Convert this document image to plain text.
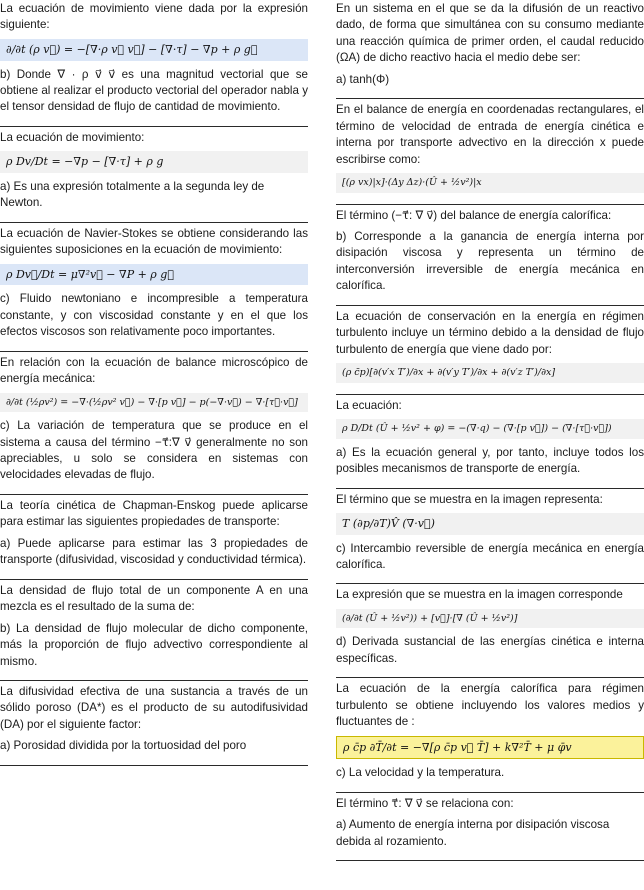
La ecuación de movimiento viene dada por la expresión siguiente:

∂/∂t (ρ v⃗) = −[∇·ρ v⃗ v⃗] − [∇·τ] − ∇p + ρ g⃗

b) Donde ∇ · ρ v⃗ v⃗ es una magnitud vectorial que se obtiene al realizar el producto vectorial del operador nabla y el tensor densidad de flujo de cantidad de movimiento.

La ecuación de movimiento:

ρ Dv/Dt = −∇p − [∇·τ] + ρ g

a) Es una expresión totalmente a la segunda ley de Newton.

La ecuación de Navier-Stokes se obtiene considerando las siguientes suposiciones en la ecuación de movimiento:

ρ Dv⃗/Dt = μ∇²v⃗ − ∇P + ρ g⃗

c) Fluido newtoniano e incompresible a temperatura constante, y con viscosidad constante y en el que los efectos viscosos son relativamente poco importantes.

En relación con la ecuación de balance microscópico de energía mecánica:

∂/∂t (½ρv²) = −∇·(½ρv² v⃗) − ∇·[p v⃗] − p(−∇·v⃗) − ∇·[τ⃗·v⃗]

c) La variación de temperatura que se produce en el sistema a causa del término −τ⃗:∇ v⃗ generalmente no son apreciables, u solo se considera en sistemas con velocidades elevadas de flujo.

La teoría cinética de Chapman-Enskog puede aplicarse para estimar las siguientes propiedades de transporte:

a) Puede aplicarse para estimar las 3 propiedades de transporte (difusividad, viscosidad y conductividad térmica).

La densidad de flujo total de un componente A en una mezcla es el resultado de la suma de:

b) La densidad de flujo molecular de dicho componente, más la proporción de flujo advectivo correspondiente al mismo.

La difusividad efectiva de una sustancia a través de un sólido poroso (DA*) es el producto de su autodifusividad (DA) por el siguiente factor:

a) Porosidad dividida por la tortuosidad del poro

En un sistema en el que se da la difusión de un reactivo dado, de forma que simultánea con su consumo mediante una reacción química de primer orden, el caudal reducido (ΩA) de dicho reactivo hacia el medio debe ser:

a) tanh(Φ)

En el balance de energía en coordenadas rectangulares, el término de velocidad de entrada de energía cinética e interna por transporte advectivo en la dirección x puede escribirse como:

[(ρ vx)|x]·(Δy Δz)·(Û + ½v²)|x

El término (−τ⃗: ∇ v⃗) del balance de energía calorífica:

b) Corresponde a la ganancia de energía interna por disipación viscosa y representa un término de interconversión irreversible de energía mecánica en calorífica.

La ecuación de conservación en la energía en régimen turbulento incluye un término debido a la densidad de flujo turbulento de energía que viene dado por:

(ρ c̄p)[∂(v′x T′)/∂x + ∂(v′y T′)/∂x + ∂(v′z T′)/∂x]

La ecuación:

ρ D/Dt (Û + ½v² + φ) = −(∇·q) − (∇·[p v⃗]) − (∇·[τ⃗·v⃗])

a) Es la ecuación general y, por tanto, incluye todos los posibles mecanismos de transporte de energía.

El término que se muestra en la imagen representa:

T (∂p/∂T)V̂ (∇·v⃗)

c) Intercambio reversible de energía mecánica en energía calorífica.

La expresión que se muestra en la imagen corresponde

(∂/∂t (Û + ½v²)) + [v⃗]·[∇ (Û + ½v²)]

d) Derivada sustancial de las energías cinética e interna específicas.

La ecuación de la energía calorífica para régimen turbulento se obtiene incluyendo los valores medios y fluctuantes de :

ρ c̄p ∂T̄/∂t = −∇[ρ c̄p v⃗ T̄] + k∇²T̄ + μ φ̄v

c) La velocidad y la temperatura.

El término τ⃗: ∇ v⃗ se relaciona con:

a) Aumento de energía interna por disipación viscosa debida al rozamiento.
